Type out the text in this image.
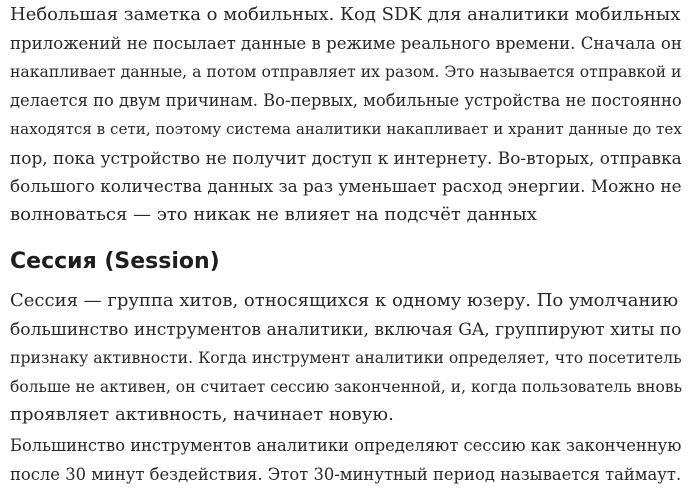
Небольшая заметка о мобильных. Код SDK для аналитики мобильных
приложений не посылает данные в режиме реального времени. Сначала он
накапливает данные, а потом отправляет их разом. Это называется отправкой и
делается по двум причинам. Во-первых, мобильные устройства не постоянно
находятся в сети, поэтому система аналитики накапливает и хранит данные до тех
пор, пока устройство не получит доступ к интернету. Во-вторых, отправка
большого количества данных за раз уменьшает расход энергии. Можно не
волноваться — это никак не влияет на подсчёт данных

Сессия (Session)

Сессия — группа хитов, относящихся к одному юзеру. По умолчанию
большинство инструментов аналитики, включая GA, группируют хиты по
признаку активности. Когда инструмент аналитики определяет, что посетитель
больше не активен, он считает сессию законченной, и, когда пользователь вновь
проявляет активность, начинает новую.

Большинство инструментов аналитики определяют сессию как законченную
после 30 минут бездействия. Этот 30-минутный период называется таймаут.
